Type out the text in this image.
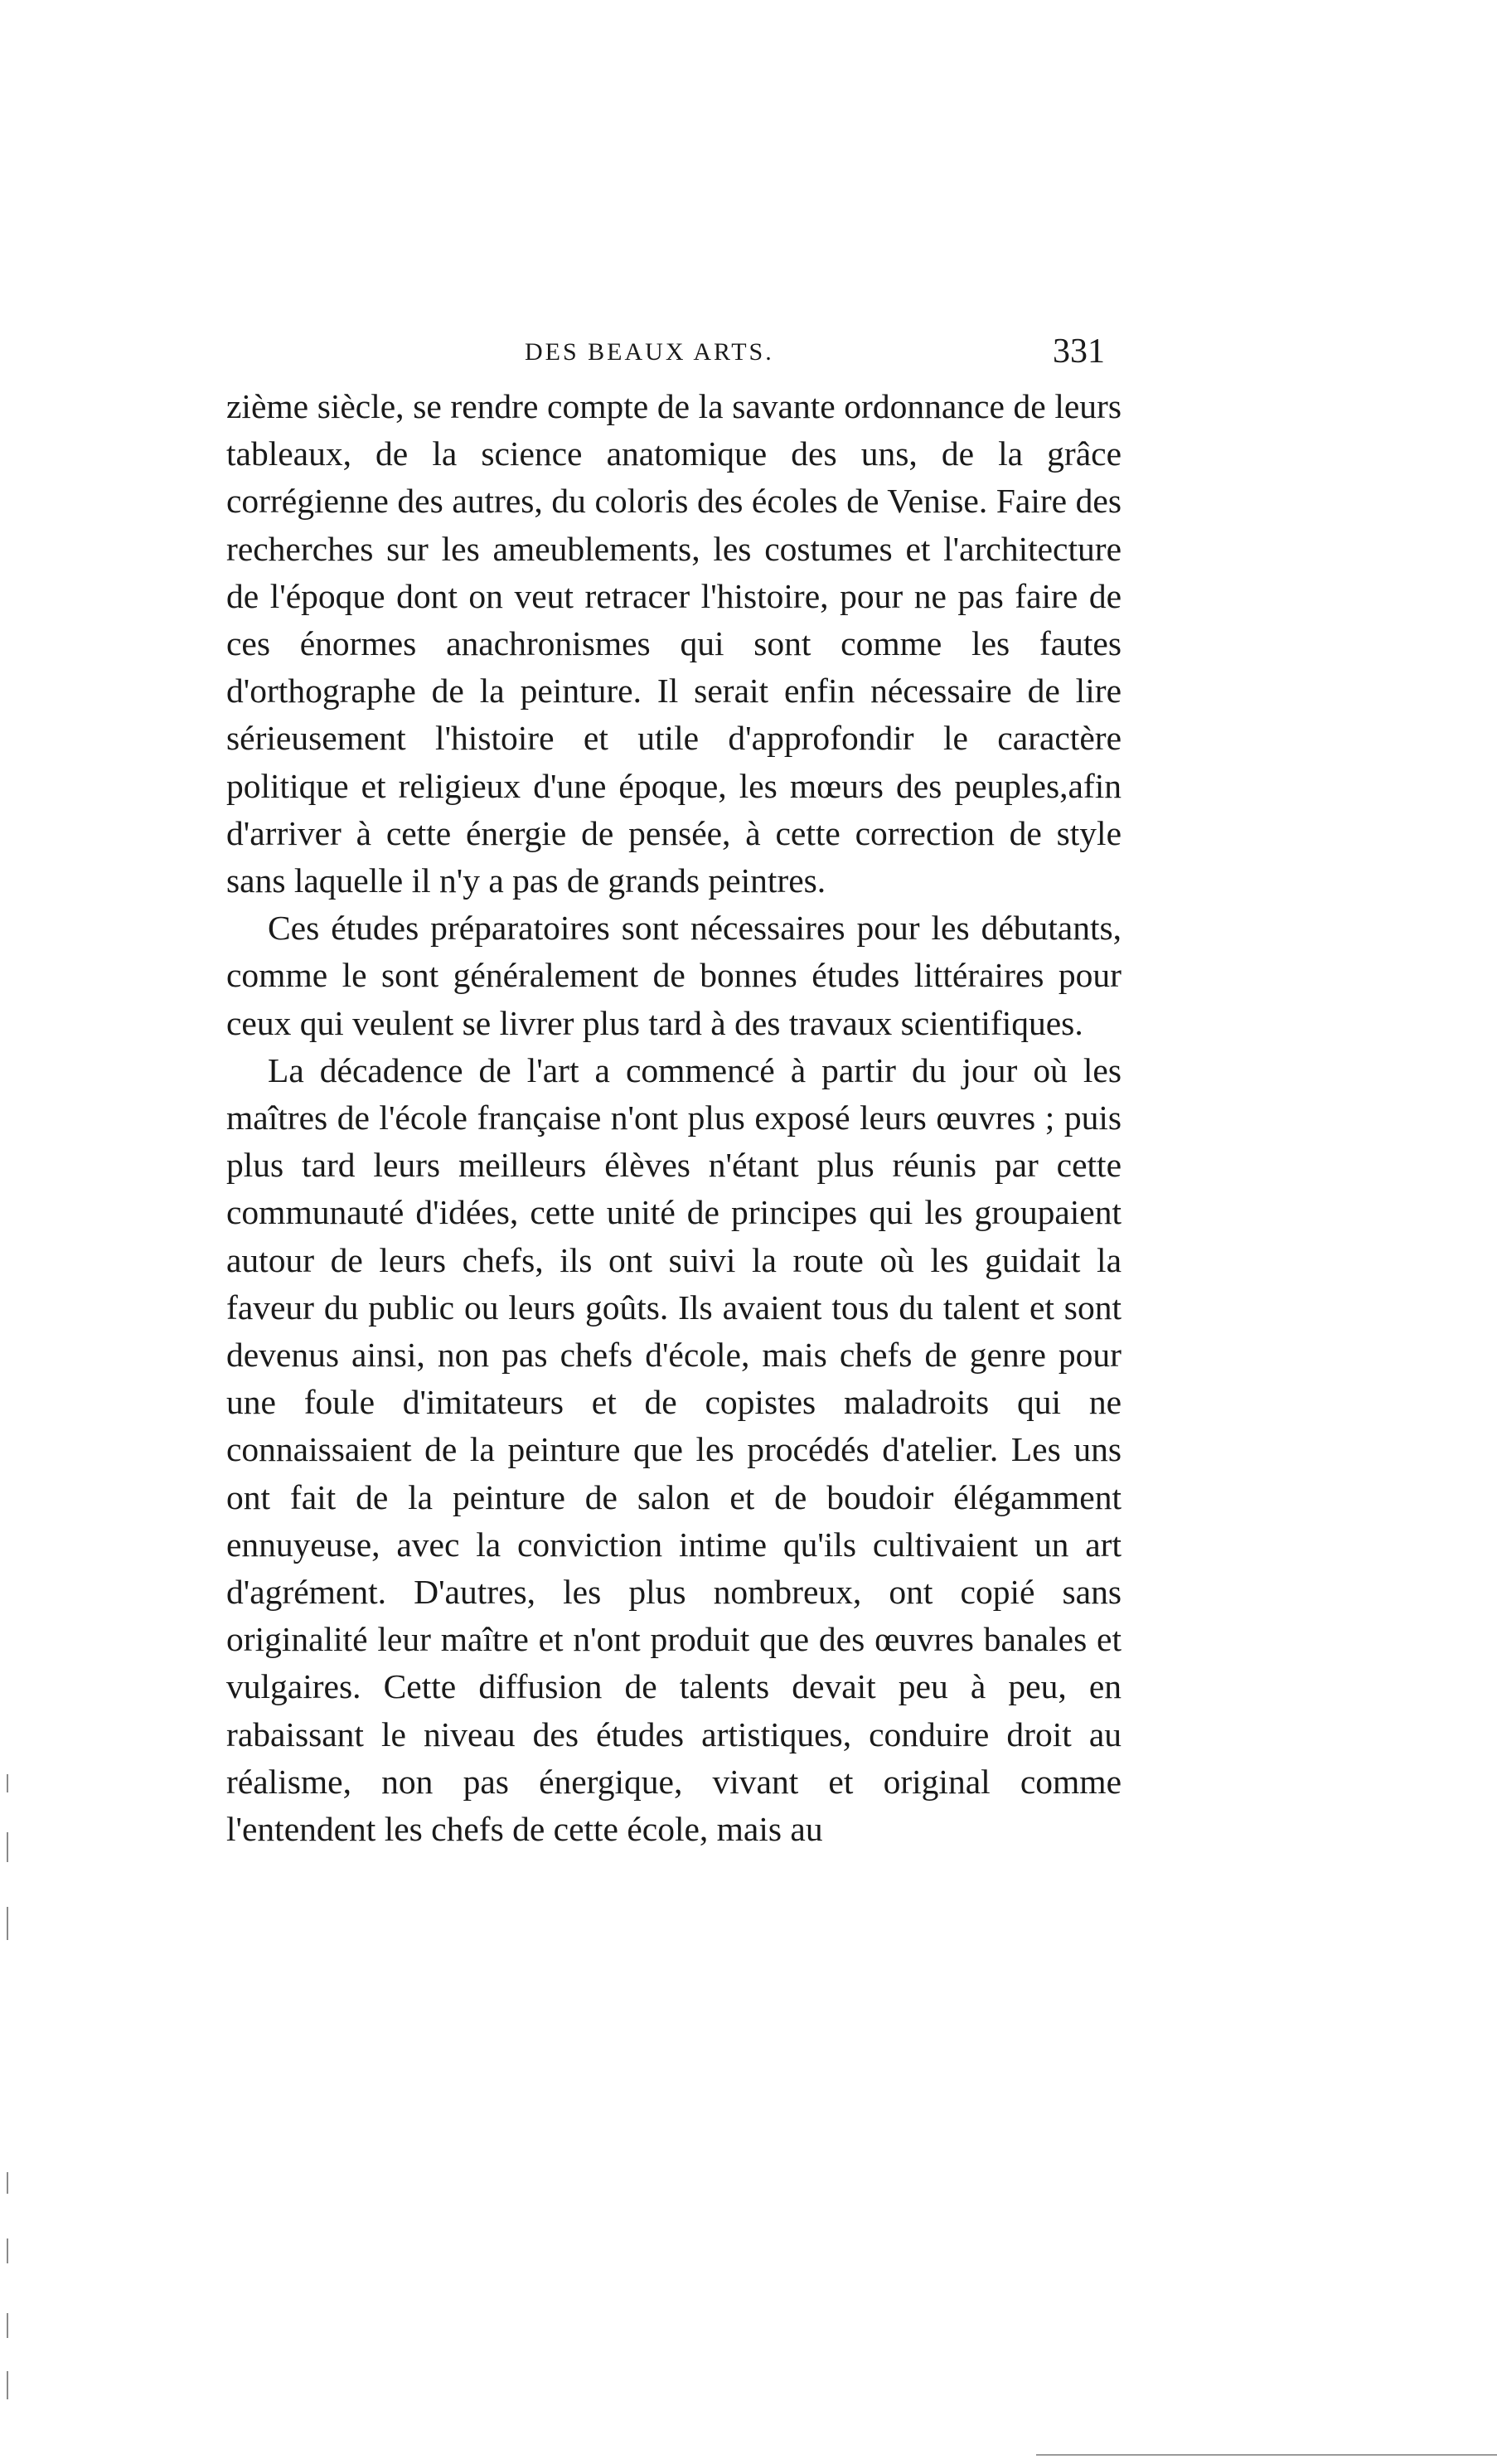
DES BEAUX ARTS.	331

zième siècle, se rendre compte de la savante ordonnance de leurs tableaux, de la science anatomique des uns, de la grâce corrégienne des autres, du coloris des écoles de Venise. Faire des recherches sur les ameublements, les costumes et l'architecture de l'époque dont on veut retracer l'histoire, pour ne pas faire de ces énormes anachronismes qui sont comme les fautes d'orthographe de la peinture. Il serait enfin nécessaire de lire sérieusement l'histoire et utile d'approfondir le caractère politique et religieux d'une époque, les mœurs des peuples,afin d'arriver à cette énergie de pensée, à cette correction de style sans laquelle il n'y a pas de grands peintres.

Ces études préparatoires sont nécessaires pour les débutants, comme le sont généralement de bonnes études littéraires pour ceux qui veulent se livrer plus tard à des travaux scientifiques.

La décadence de l'art a commencé à partir du jour où les maîtres de l'école française n'ont plus exposé leurs œuvres ; puis plus tard leurs meilleurs élèves n'étant plus réunis par cette communauté d'idées, cette unité de principes qui les groupaient autour de leurs chefs, ils ont suivi la route où les guidait la faveur du public ou leurs goûts. Ils avaient tous du talent et sont devenus ainsi, non pas chefs d'école, mais chefs de genre pour une foule d'imitateurs et de copistes maladroits qui ne connaissaient de la peinture que les procédés d'atelier. Les uns ont fait de la peinture de salon et de boudoir élégamment ennuyeuse, avec la conviction intime qu'ils cultivaient un art d'agrément. D'autres, les plus nombreux, ont copié sans originalité leur maître et n'ont produit que des œuvres banales et vulgaires. Cette diffusion de talents devait peu à peu, en rabaissant le niveau des études artistiques, conduire droit au réalisme, non pas énergique, vivant et original comme l'entendent les chefs de cette école, mais au
